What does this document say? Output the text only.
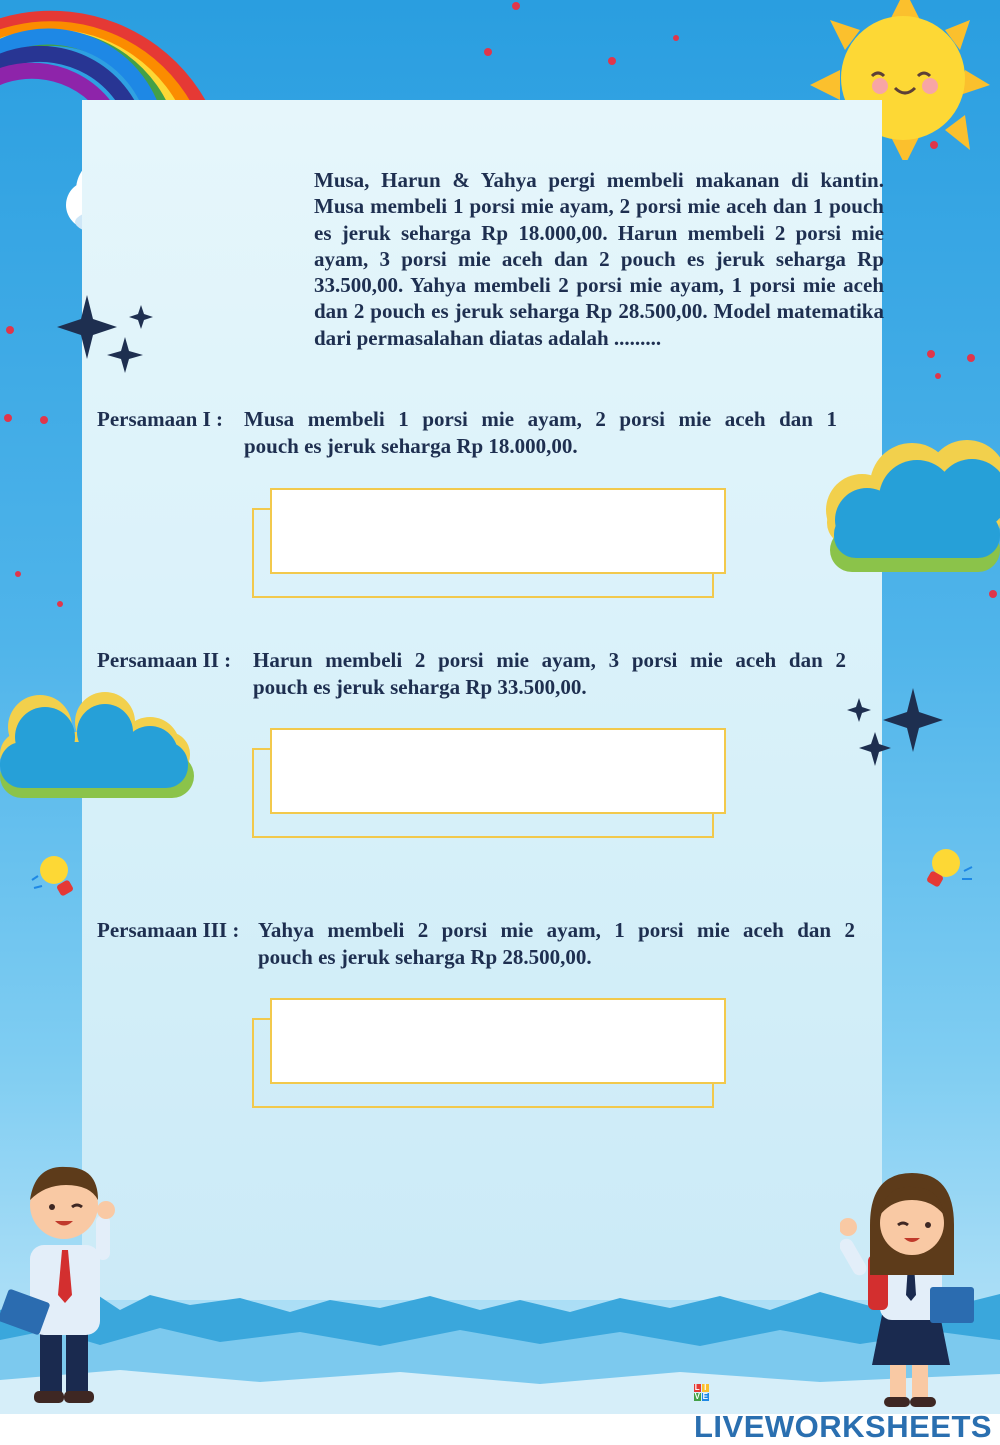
Musa, Harun & Yahya pergi membeli makanan di kantin. Musa membeli 1 porsi mie ayam, 2 porsi mie aceh dan 1 pouch es jeruk seharga Rp 18.000,00. Harun membeli 2 porsi mie ayam, 3 porsi mie aceh dan 2 pouch es jeruk seharga Rp 33.500,00. Yahya membeli 2 porsi mie ayam, 1 porsi mie aceh dan 2 pouch es jeruk seharga Rp 28.500,00. Model matematika dari permasalahan diatas adalah .........
Persamaan I : Musa membeli 1 porsi mie ayam, 2 porsi mie aceh dan 1
pouch es jeruk seharga Rp 18.000,00.
Persamaan II : Harun membeli 2 porsi mie ayam, 3 porsi mie aceh dan 2
pouch es jeruk seharga Rp 33.500,00.
Persamaan III : Yahya membeli 2 porsi mie ayam, 1 porsi mie aceh dan 2
pouch es jeruk seharga Rp 28.500,00.
L IV ELIVEWORKSHEETS
